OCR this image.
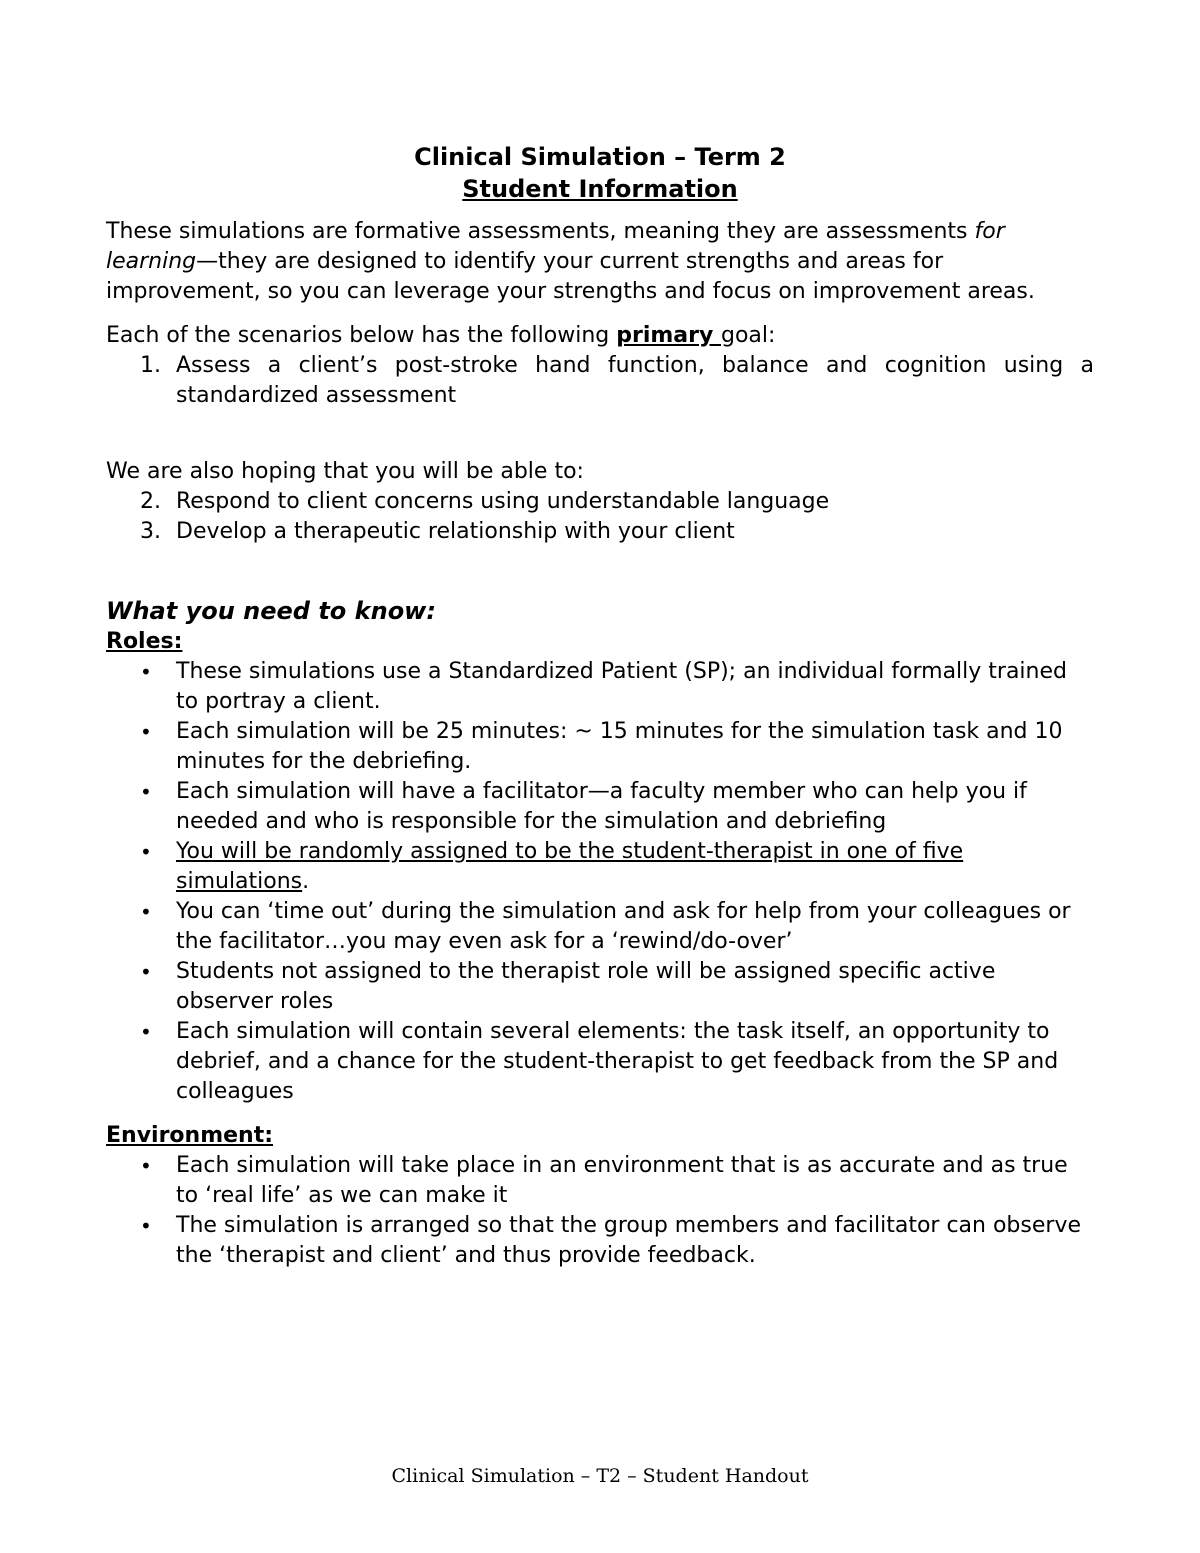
Clinical Simulation – Term 2

Student Information

These simulations are formative assessments, meaning they are assessments for learning—they are designed to identify your current strengths and areas for improvement, so you can leverage your strengths and focus on improvement areas.

Each of the scenarios below has the following primary goal:

1. Assess a client’s post-stroke hand function, balance and cognition using a standardized assessment

We are also hoping that you will be able to:

2. Respond to client concerns using understandable language
3. Develop a therapeutic relationship with your client

What you need to know:

Roles:

• These simulations use a Standardized Patient (SP); an individual formally trained to portray a client.
• Each simulation will be 25 minutes: ~ 15 minutes for the simulation task and 10 minutes for the debriefing.
• Each simulation will have a facilitator—a faculty member who can help you if needed and who is responsible for the simulation and debriefing
• You will be randomly assigned to be the student-therapist in one of five simulations.
• You can ‘time out’ during the simulation and ask for help from your colleagues or the facilitator…you may even ask for a ‘rewind/do-over’
• Students not assigned to the therapist role will be assigned specific active observer roles
• Each simulation will contain several elements: the task itself, an opportunity to debrief, and a chance for the student-therapist to get feedback from the SP and colleagues

Environment:

• Each simulation will take place in an environment that is as accurate and as true to ‘real life’ as we can make it
• The simulation is arranged so that the group members and facilitator can observe the ‘therapist and client’ and thus provide feedback.
Clinical Simulation – T2 – Student Handout
